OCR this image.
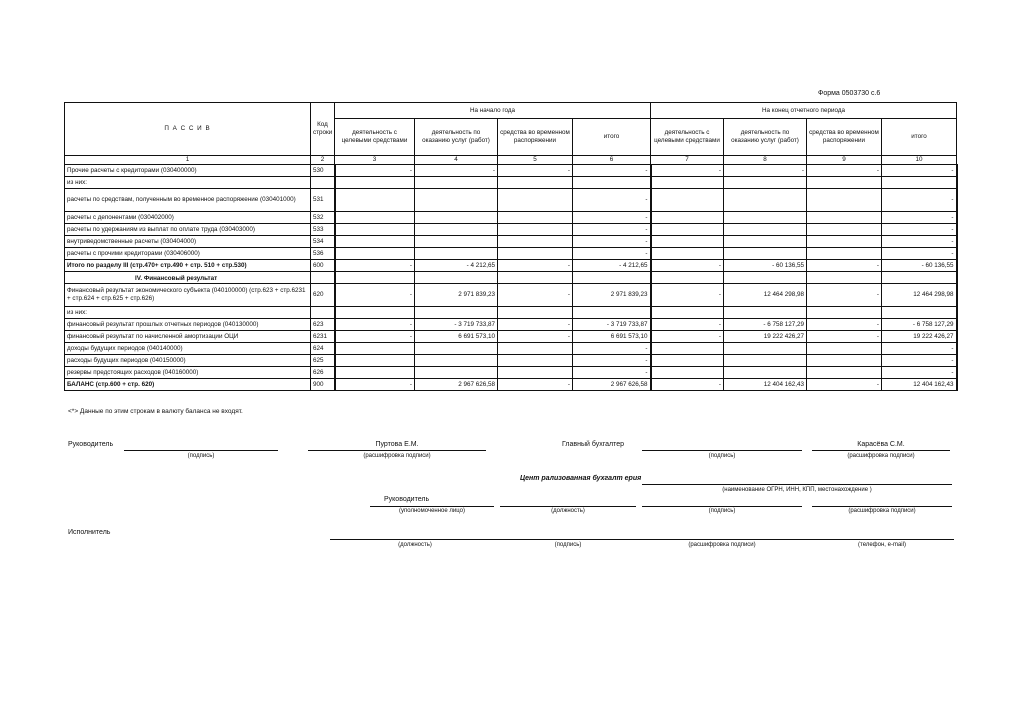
Форма 0503730 с.6
П А С С И В	Код строки	На начало года				На конец отчетного периода			
		деятельность с целевыми средствами	деятельность по оказанию услуг (работ)	средства во временном распоряжении	итого	деятельность с целевыми средствами	деятельность по оказанию услуг (работ)	средства во временном распоряжении	итого
1	2	3	4	5	6	7	8	9	10
Прочие расчеты с кредиторами (030400000)	530	-	-	-	-	-	-	-	-
из них:									
расчеты по средствам, полученным во временное распоряжение (030401000)	531				-				-
расчеты с депонентами (030402000)	532				-				-
расчеты по удержаниям из выплат по оплате труда (030403000)	533				-				-
внутриведомственные расчеты (030404000)	534				-				-
расчеты с прочими кредиторами (030406000)	536				-				-
Итого по разделу III (стр.470+ стр.490 + стр. 510 + стр.530)	600	-	- 4 212,65	-	- 4 212,65	-	- 60 136,55	-	- 60 136,55
IV. Финансовый результат									
Финансовый результат экономического субъекта (040100000) (стр.623 + стр.6231 + стр.624 + стр.625 + стр.626)	620	-	2 971 839,23	-	2 971 839,23	-	12 464 298,98	-	12 464 298,98
из них:									
финансовый результат прошлых отчетных периодов (040130000)	623	-	- 3 719 733,87	-	- 3 719 733,87	-	- 6 758 127,29	-	- 6 758 127,29
финансовый результат по начисленной амортизации ОЦИ	6231	-	6 691 573,10	-	6 691 573,10	-	19 222 426,27	-	19 222 426,27
доходы будущих периодов (040140000)	624				-				-
расходы будущих периодов (040150000)	625				-				-
резервы предстоящих расходов (040160000)	626				-				-
БАЛАНС (стр.600 + стр. 620)	900	-	2 967 626,58	-	2 967 626,58	-	12 404 162,43	-	12 404 162,43
<*> Данные по этим строкам в валюту баланса не входят.
Руководитель
(подпись)
Пуртова Е.М.
(расшифровка подписи)
Главный бухгалтер
(подпись)
Карасёва С.М.
(расшифровка подписи)
Цент рализованная бухгалт ерия
(наименование ОГРН, ИНН, КПП, местонахождение )
Руководитель
(уполномоченное лицо)	(должность)	(подпись)	(расшифровка подписи)
Исполнитель
(должность)	(подпись)	(расшифровка подписи)	(телефон, e-mail)
